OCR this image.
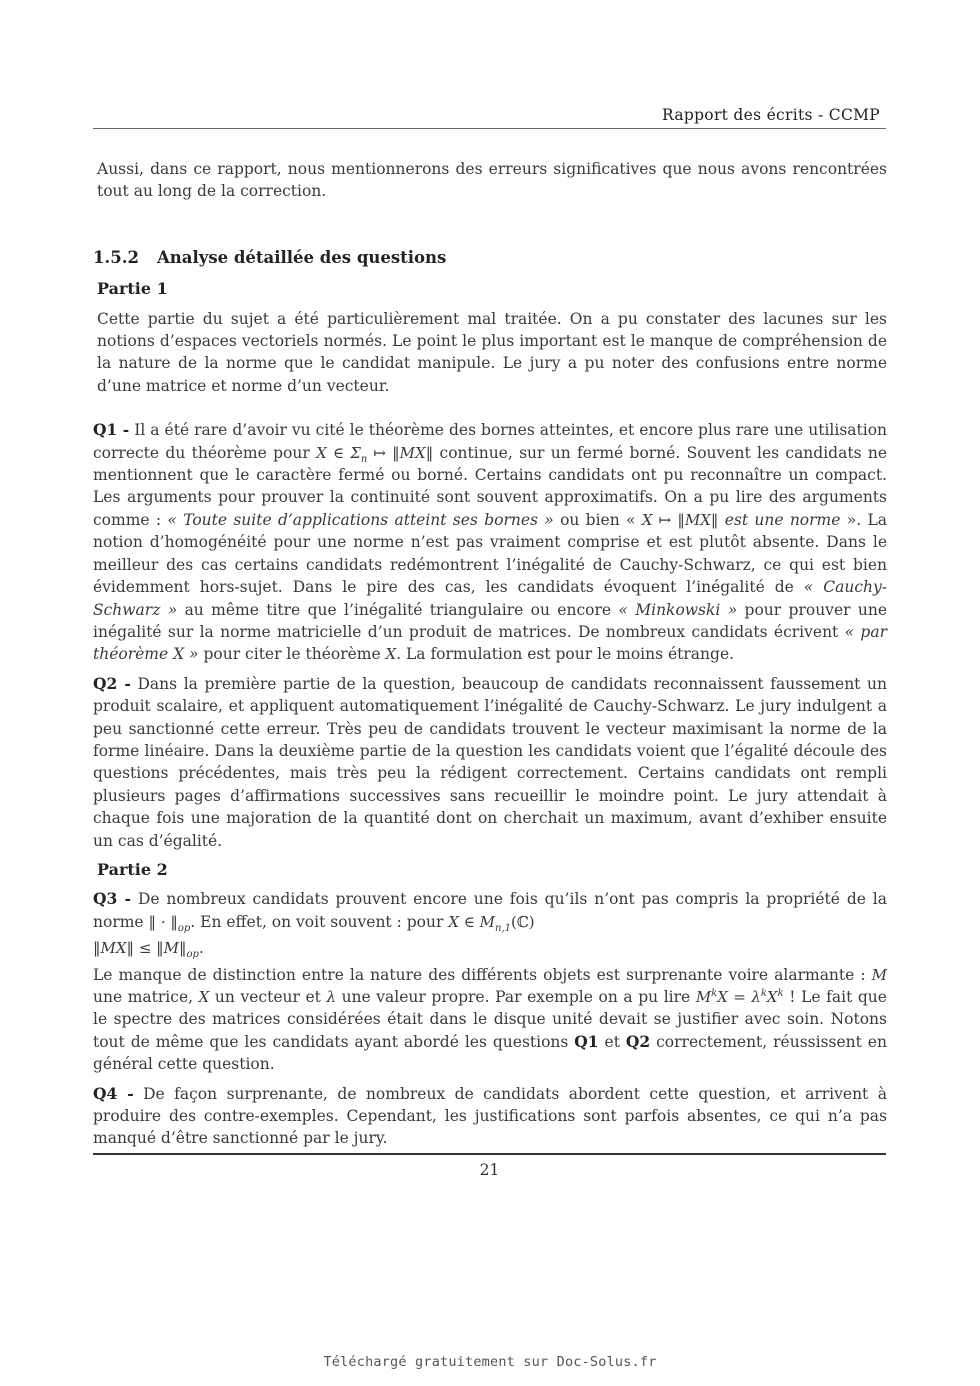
Rapport des écrits - CCMP

Aussi, dans ce rapport, nous mentionnerons des erreurs significatives que nous avons rencontrées tout au long de la correction.

1.5.2 Analyse détaillée des questions
Partie 1

Cette partie du sujet a été particulièrement mal traitée. On a pu constater des lacunes sur les notions d’espaces vectoriels normés. Le point le plus important est le manque de compréhension de la nature de la norme que le candidat manipule. Le jury a pu noter des confusions entre norme d’une matrice et norme d’un vecteur.

Q1 - Il a été rare d’avoir vu cité le théorème des bornes atteintes, et encore plus rare une utilisation correcte du théorème pour X ∈ $\Sigma_n$ ↦ ‖MX‖ continue, sur un fermé borné. Souvent les candidats ne mentionnent que le caractère fermé ou borné. Certains candidats ont pu reconnaître un compact. Les arguments pour prouver la continuité sont souvent approximatifs. On a pu lire des arguments comme : « Toute suite d’applications atteint ses bornes » ou bien « X ↦ ‖MX‖ est une norme ». La notion d’homogénéité pour une norme n’est pas vraiment comprise et est plutôt absente. Dans le meilleur des cas certains candidats redémontrent l’inégalité de Cauchy-Schwarz, ce qui est bien évidemment hors-sujet. Dans le pire des cas, les candidats évoquent l’inégalité de « Cauchy-Schwarz » au même titre que l’inégalité triangulaire ou encore « Minkowski » pour prouver une inégalité sur la norme matricielle d’un produit de matrices. De nombreux candidats écrivent « par théorème X » pour citer le théorème X. La formulation est pour le moins étrange.

Q2 - Dans la première partie de la question, beaucoup de candidats reconnaissent faussement un produit scalaire, et appliquent automatiquement l’inégalité de Cauchy-Schwarz. Le jury indulgent a peu sanctionné cette erreur. Très peu de candidats trouvent le vecteur maximisant la norme de la forme linéaire. Dans la deuxième partie de la question les candidats voient que l’égalité découle des questions précédentes, mais très peu la rédigent correctement. Certains candidats ont rempli plusieurs pages d’affirmations successives sans recueillir le moindre point. Le jury attendait à chaque fois une majoration de la quantité dont on cherchait un maximum, avant d’exhiber ensuite un cas d’égalité.

Partie 2

Q3 - De nombreux candidats prouvent encore une fois qu’ils n’ont pas compris la propriété de la norme ‖ · $‖_{op}$. En effet, on voit souvent : pour X ∈ $M_{n,1}(ℂ)$

‖MX‖ ≤ $‖M‖_{op}$.

Le manque de distinction entre la nature des différents objets est surprenante voire alarmante : M une matrice, X un vecteur et λ une valeur propre. Par exemple on a pu lire $M^kX = \lambda^kX^k$ ! Le fait que le spectre des matrices considérées était dans le disque unité devait se justifier avec soin. Notons tout de même que les candidats ayant abordé les questions Q1 et Q2 correctement, réussissent en général cette question.

Q4 - De façon surprenante, de nombreux de candidats abordent cette question, et arrivent à produire des contre-exemples. Cependant, les justifications sont parfois absentes, ce qui n’a pas manqué d’être sanctionné par le jury.

21
Téléchargé gratuitement sur Doc-Solus.fr
